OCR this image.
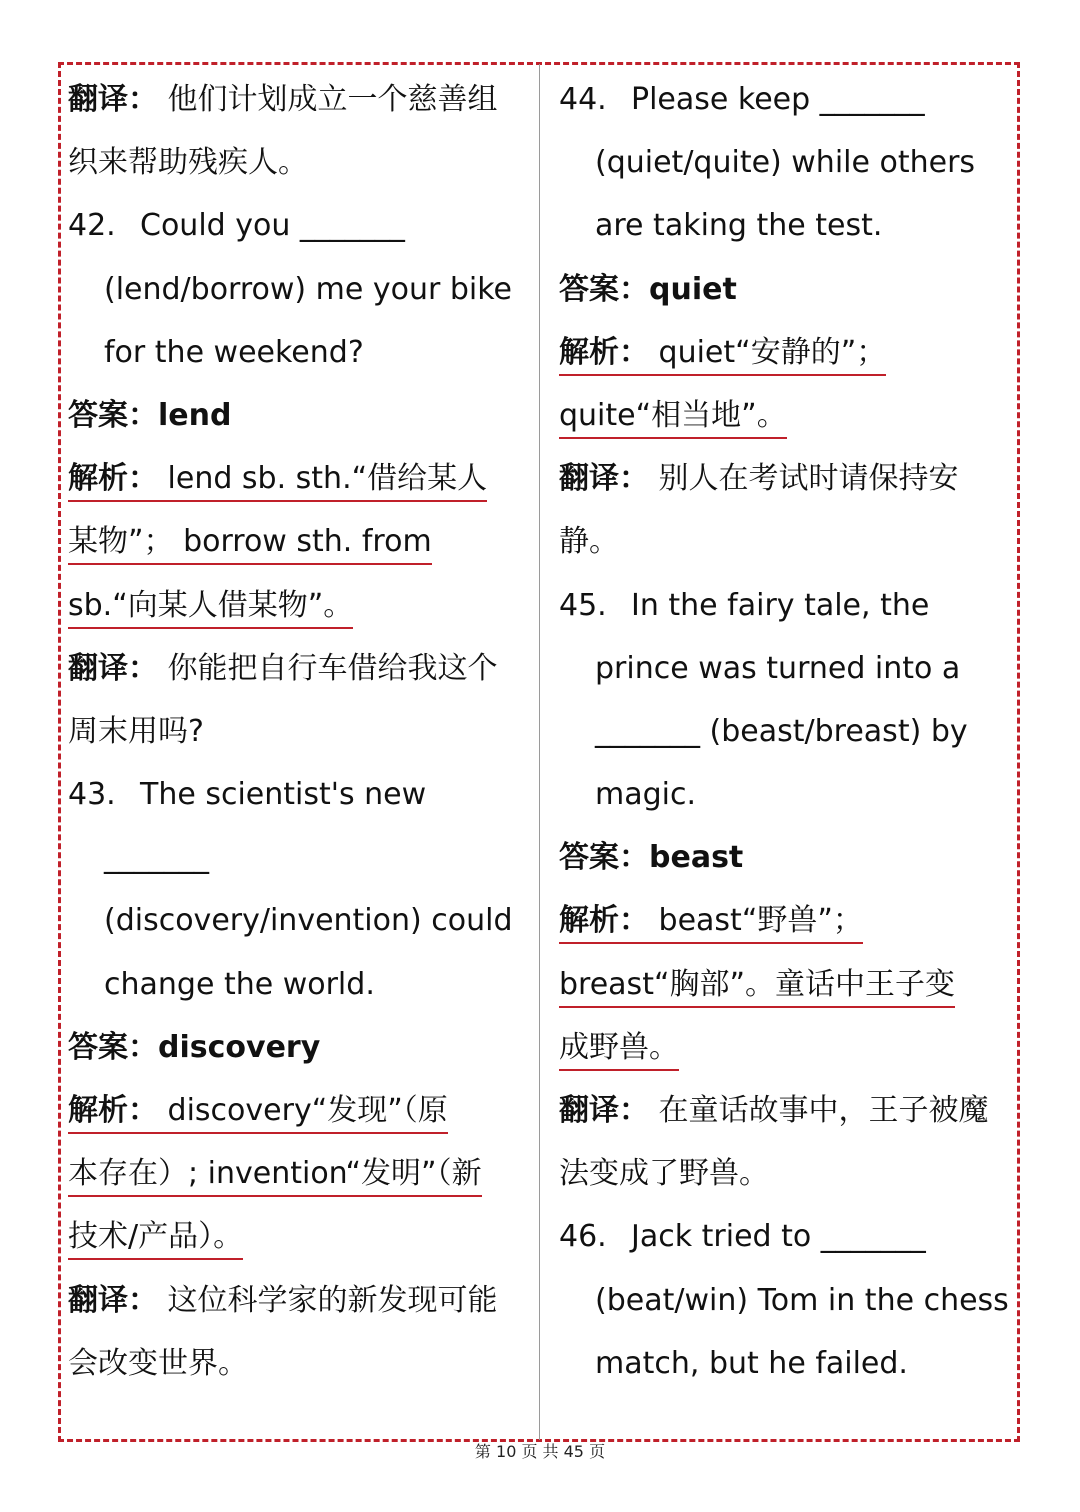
翻译： 他们计划成立一个慈善组
织来帮助残疾人。
42. Could you _______
(lend/borrow) me your bike
for the weekend?
答案：lend
解析： lend sb. sth.“借给某人
某物”； borrow sth. from
sb.“向某人借某物”。
翻译： 你能把自行车借给我这个
周末用吗?
43. The scientist's new
_______
(discovery/invention) could
change the world.
答案：discovery
解析： discovery“发现”（原
本存在）; invention“发明”（新
技术/产品）。
翻译： 这位科学家的新发现可能
会改变世界。
44. Please keep _______
(quiet/quite) while others
are taking the test.
答案：quiet
解析： quiet“安静的”；
quite“相当地”。
翻译： 别人在考试时请保持安
静。
45. In the fairy tale, the
prince was turned into a
_______ (beast/breast) by
magic.
答案：beast
解析： beast“野兽”；
breast“胸部”。童话中王子变
成野兽。
翻译： 在童话故事中，王子被魔
法变成了野兽。
46. Jack tried to _______
(beat/win) Tom in the chess
match, but he failed.
第 10 页 共 45 页
